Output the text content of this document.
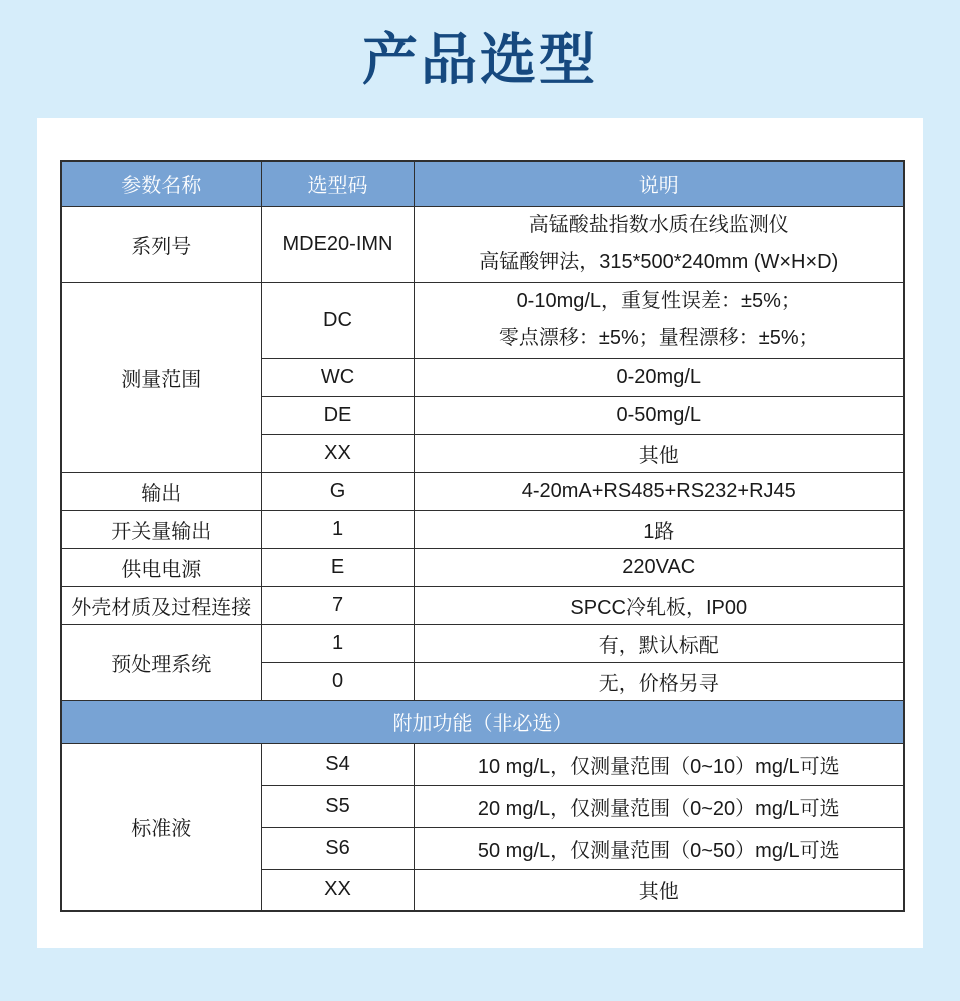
产品选型
参数名称	选型码	说明
系列号	MDE20-IMN	高锰酸盐指数水质在线监测仪
高锰酸钾法，315*500*240mm (W×H×D)

测量范围	DC	0-10mg/L，重复性误差：±5%；
零点漂移：±5%；量程漂移：±5%；

	WC	0-20mg/L

	DE	0-50mg/L

	XX	其他

输出	G	4-20mA+RS485+RS232+RJ45

开关量输出	1	1路

供电电源	E	220VAC

外壳材质及过程连接	7	SPCC冷轧板，IP00

预处理系统	1	有，默认标配

	0	无，价格另寻

附加功能（非必选）		
标准液	S4	10 mg/L，仅测量范围（0~10）mg/L可选

	S5	20 mg/L，仅测量范围（0~20）mg/L可选

	S6	50 mg/L，仅测量范围（0~50）mg/L可选

	XX	其他
